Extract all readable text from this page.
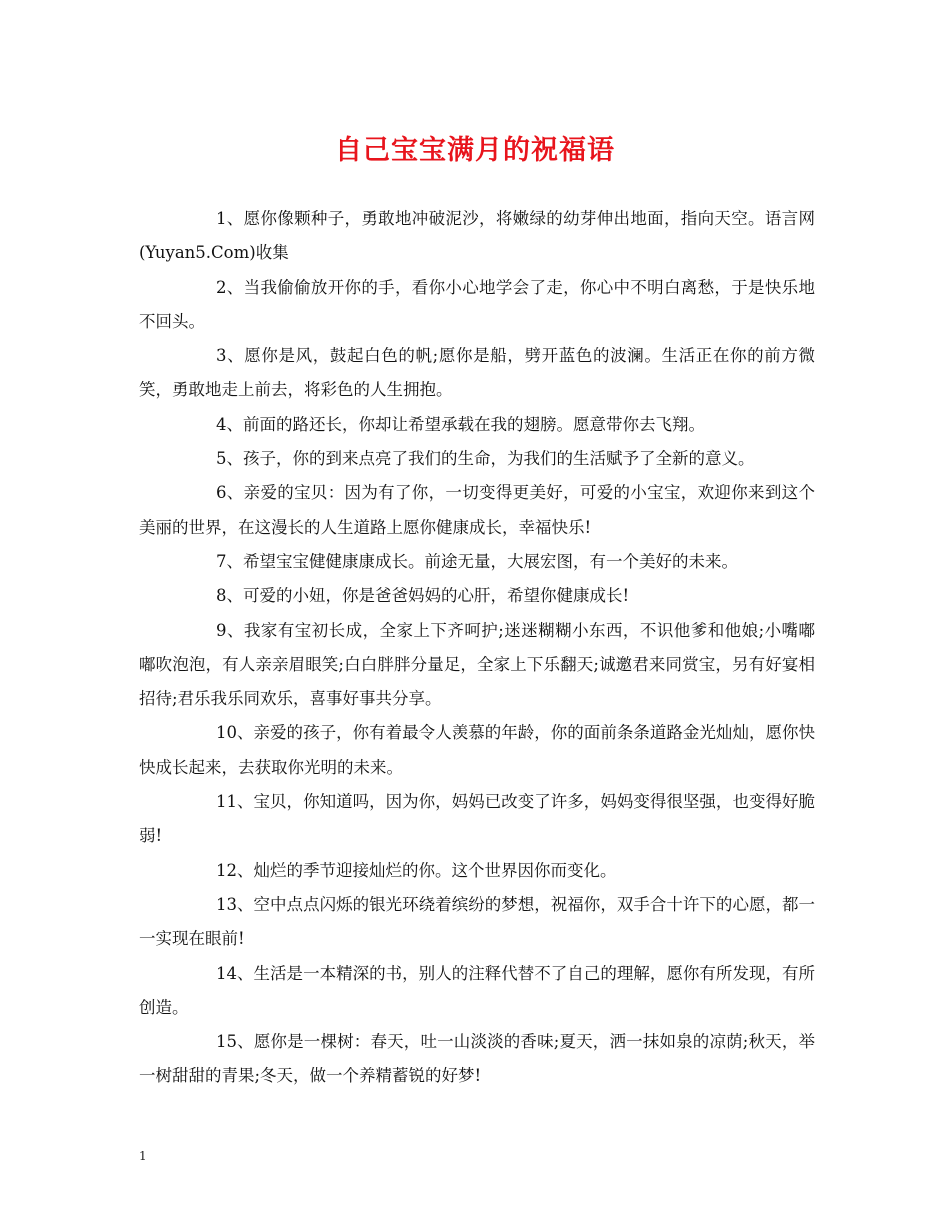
自己宝宝满月的祝福语

1、愿你像颗种子，勇敢地冲破泥沙，将嫩绿的幼芽伸出地面，指向天空。语言网(Yuyan5.Com)收集

2、当我偷偷放开你的手，看你小心地学会了走，你心中不明白离愁，于是快乐地不回头。

3、愿你是风，鼓起白色的帆;愿你是船，劈开蓝色的波澜。生活正在你的前方微笑，勇敢地走上前去，将彩色的人生拥抱。

4、前面的路还长，你却让希望承载在我的翅膀。愿意带你去飞翔。

5、孩子，你的到来点亮了我们的生命，为我们的生活赋予了全新的意义。

6、亲爱的宝贝：因为有了你，一切变得更美好，可爱的小宝宝，欢迎你来到这个美丽的世界，在这漫长的人生道路上愿你健康成长，幸福快乐!

7、希望宝宝健健康康成长。前途无量，大展宏图，有一个美好的未来。

8、可爱的小妞，你是爸爸妈妈的心肝，希望你健康成长!

9、我家有宝初长成，全家上下齐呵护;迷迷糊糊小东西，不识他爹和他娘;小嘴嘟嘟吹泡泡，有人亲亲眉眼笑;白白胖胖分量足，全家上下乐翻天;诚邀君来同赏宝，另有好宴相招待;君乐我乐同欢乐，喜事好事共分享。

10、亲爱的孩子，你有着最令人羡慕的年龄，你的面前条条道路金光灿灿，愿你快快成长起来，去获取你光明的未来。

11、宝贝，你知道吗，因为你，妈妈已改变了许多，妈妈变得很坚强，也变得好脆弱!

12、灿烂的季节迎接灿烂的你。这个世界因你而变化。

13、空中点点闪烁的银光环绕着缤纷的梦想，祝福你，双手合十许下的心愿，都一一实现在眼前!

14、生活是一本精深的书，别人的注释代替不了自己的理解，愿你有所发现，有所创造。

15、愿你是一棵树：春天，吐一山淡淡的香味;夏天，洒一抹如泉的凉荫;秋天，举一树甜甜的青果;冬天，做一个养精蓄锐的好梦!

1
